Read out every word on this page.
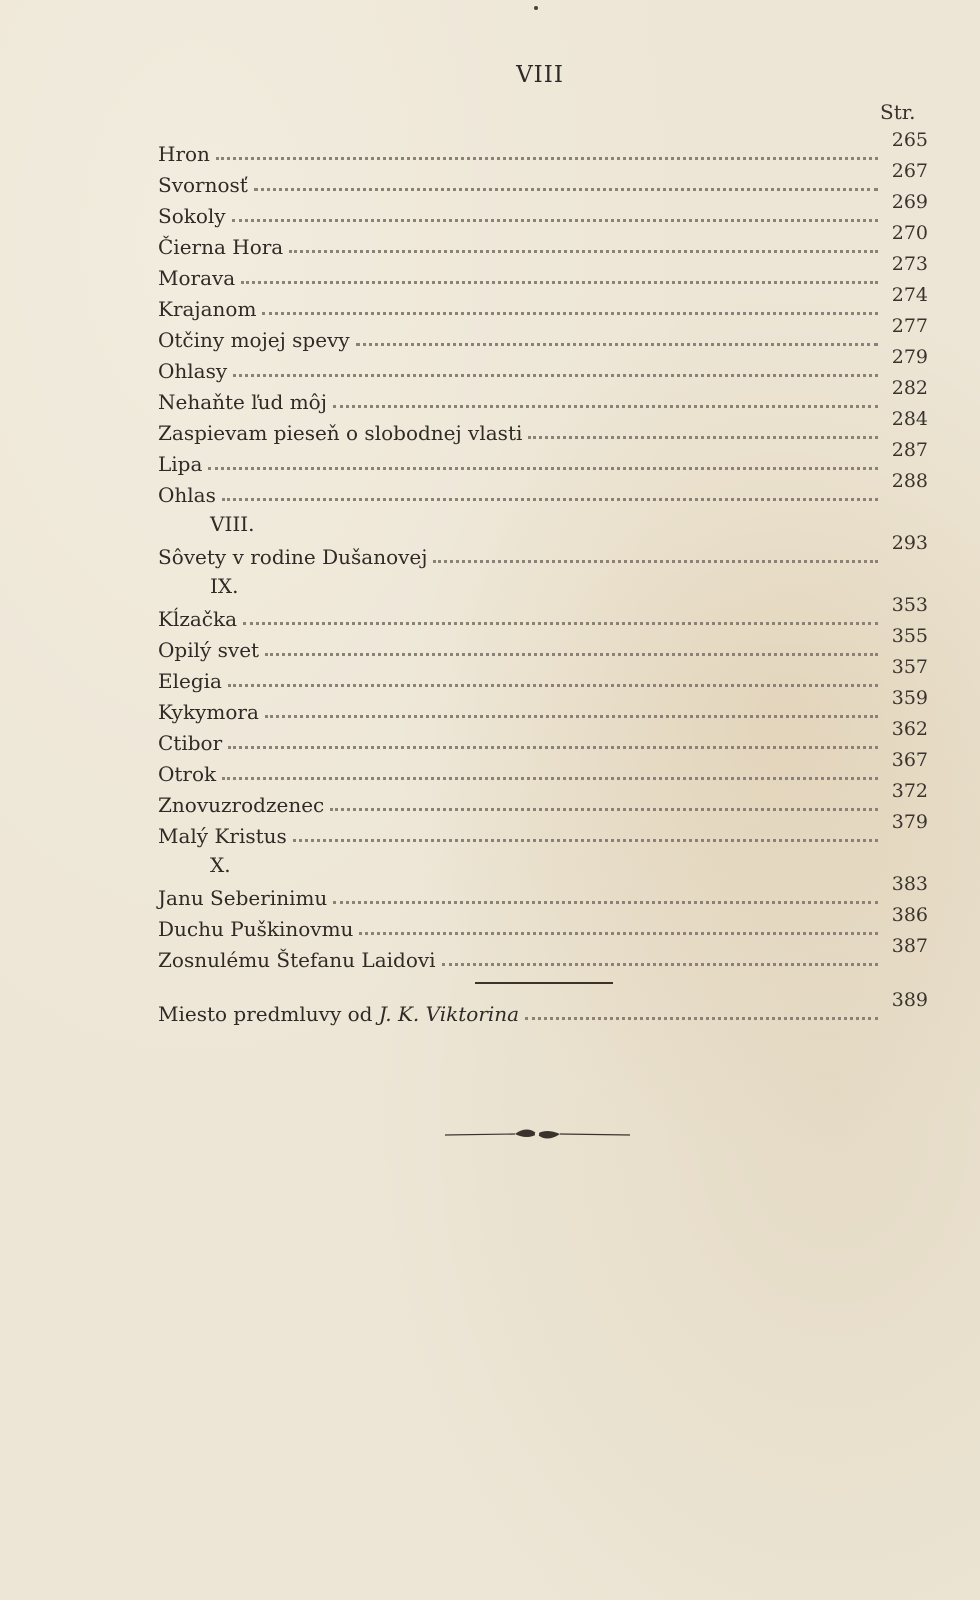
VIII
Str.
Hron
265
Svornosť
267
Sokoly
269
Čierna Hora
270
Morava
273
Krajanom
274
Otčiny mojej spevy
277
Ohlasy
279
Nehaňte ľud môj
282
Zaspievam pieseň o slobodnej vlasti
284
Lipa
287
Ohlas
288
VIII.
Sôvety v rodine Dušanovej
293
IX.
Kĺzačka
353
Opilý svet
355
Elegia
357
Kykymora
359
Ctibor
362
Otrok
367
Znovuzrodzenec
372
Malý Kristus
379
X.
Janu Seberinimu
383
Duchu Puškinovmu
386
Zosnulému Štefanu Laidovi
387
Miesto predmluvy od J. K. Viktorina
389
